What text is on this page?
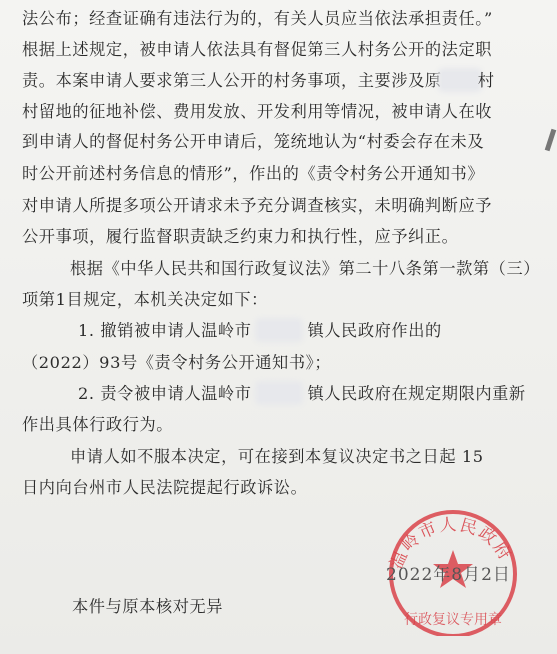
法公布；经查证确有违法行为的，有关人员应当依法承担责任。”
根据上述规定，被申请人依法具有督促第三人村务公开的法定职
责。本案申请人要求第三人公开的村务事项，主要涉及原 村
村留地的征地补偿、费用发放、开发利用等情况，被申请人在收
到申请人的督促村务公开申请后，笼统地认为“村委会存在未及
时公开前述村务信息的情形”，作出的《责令村务公开通知书》
对申请人所提多项公开请求未予充分调查核实，未明确判断应予
公开事项，履行监督职责缺乏约束力和执行性，应予纠正。
根据《中华人民共和国行政复议法》第二十八条第一款第（三）
项第1目规定，本机关决定如下：
1. 撤销被申请人温岭市	镇人民政府作出的
（2022）93号《责令村务公开通知书》；
2. 责令被申请人温岭市	镇人民政府在规定期限内重新
作出具体行政行为。
申请人如不服本决定，可在接到本复议决定书之日起 15
日内向台州市人民法院提起行政诉讼。
本件与原本核对无异
温岭市人民政府
行政复议专用章
2022年8月2日
